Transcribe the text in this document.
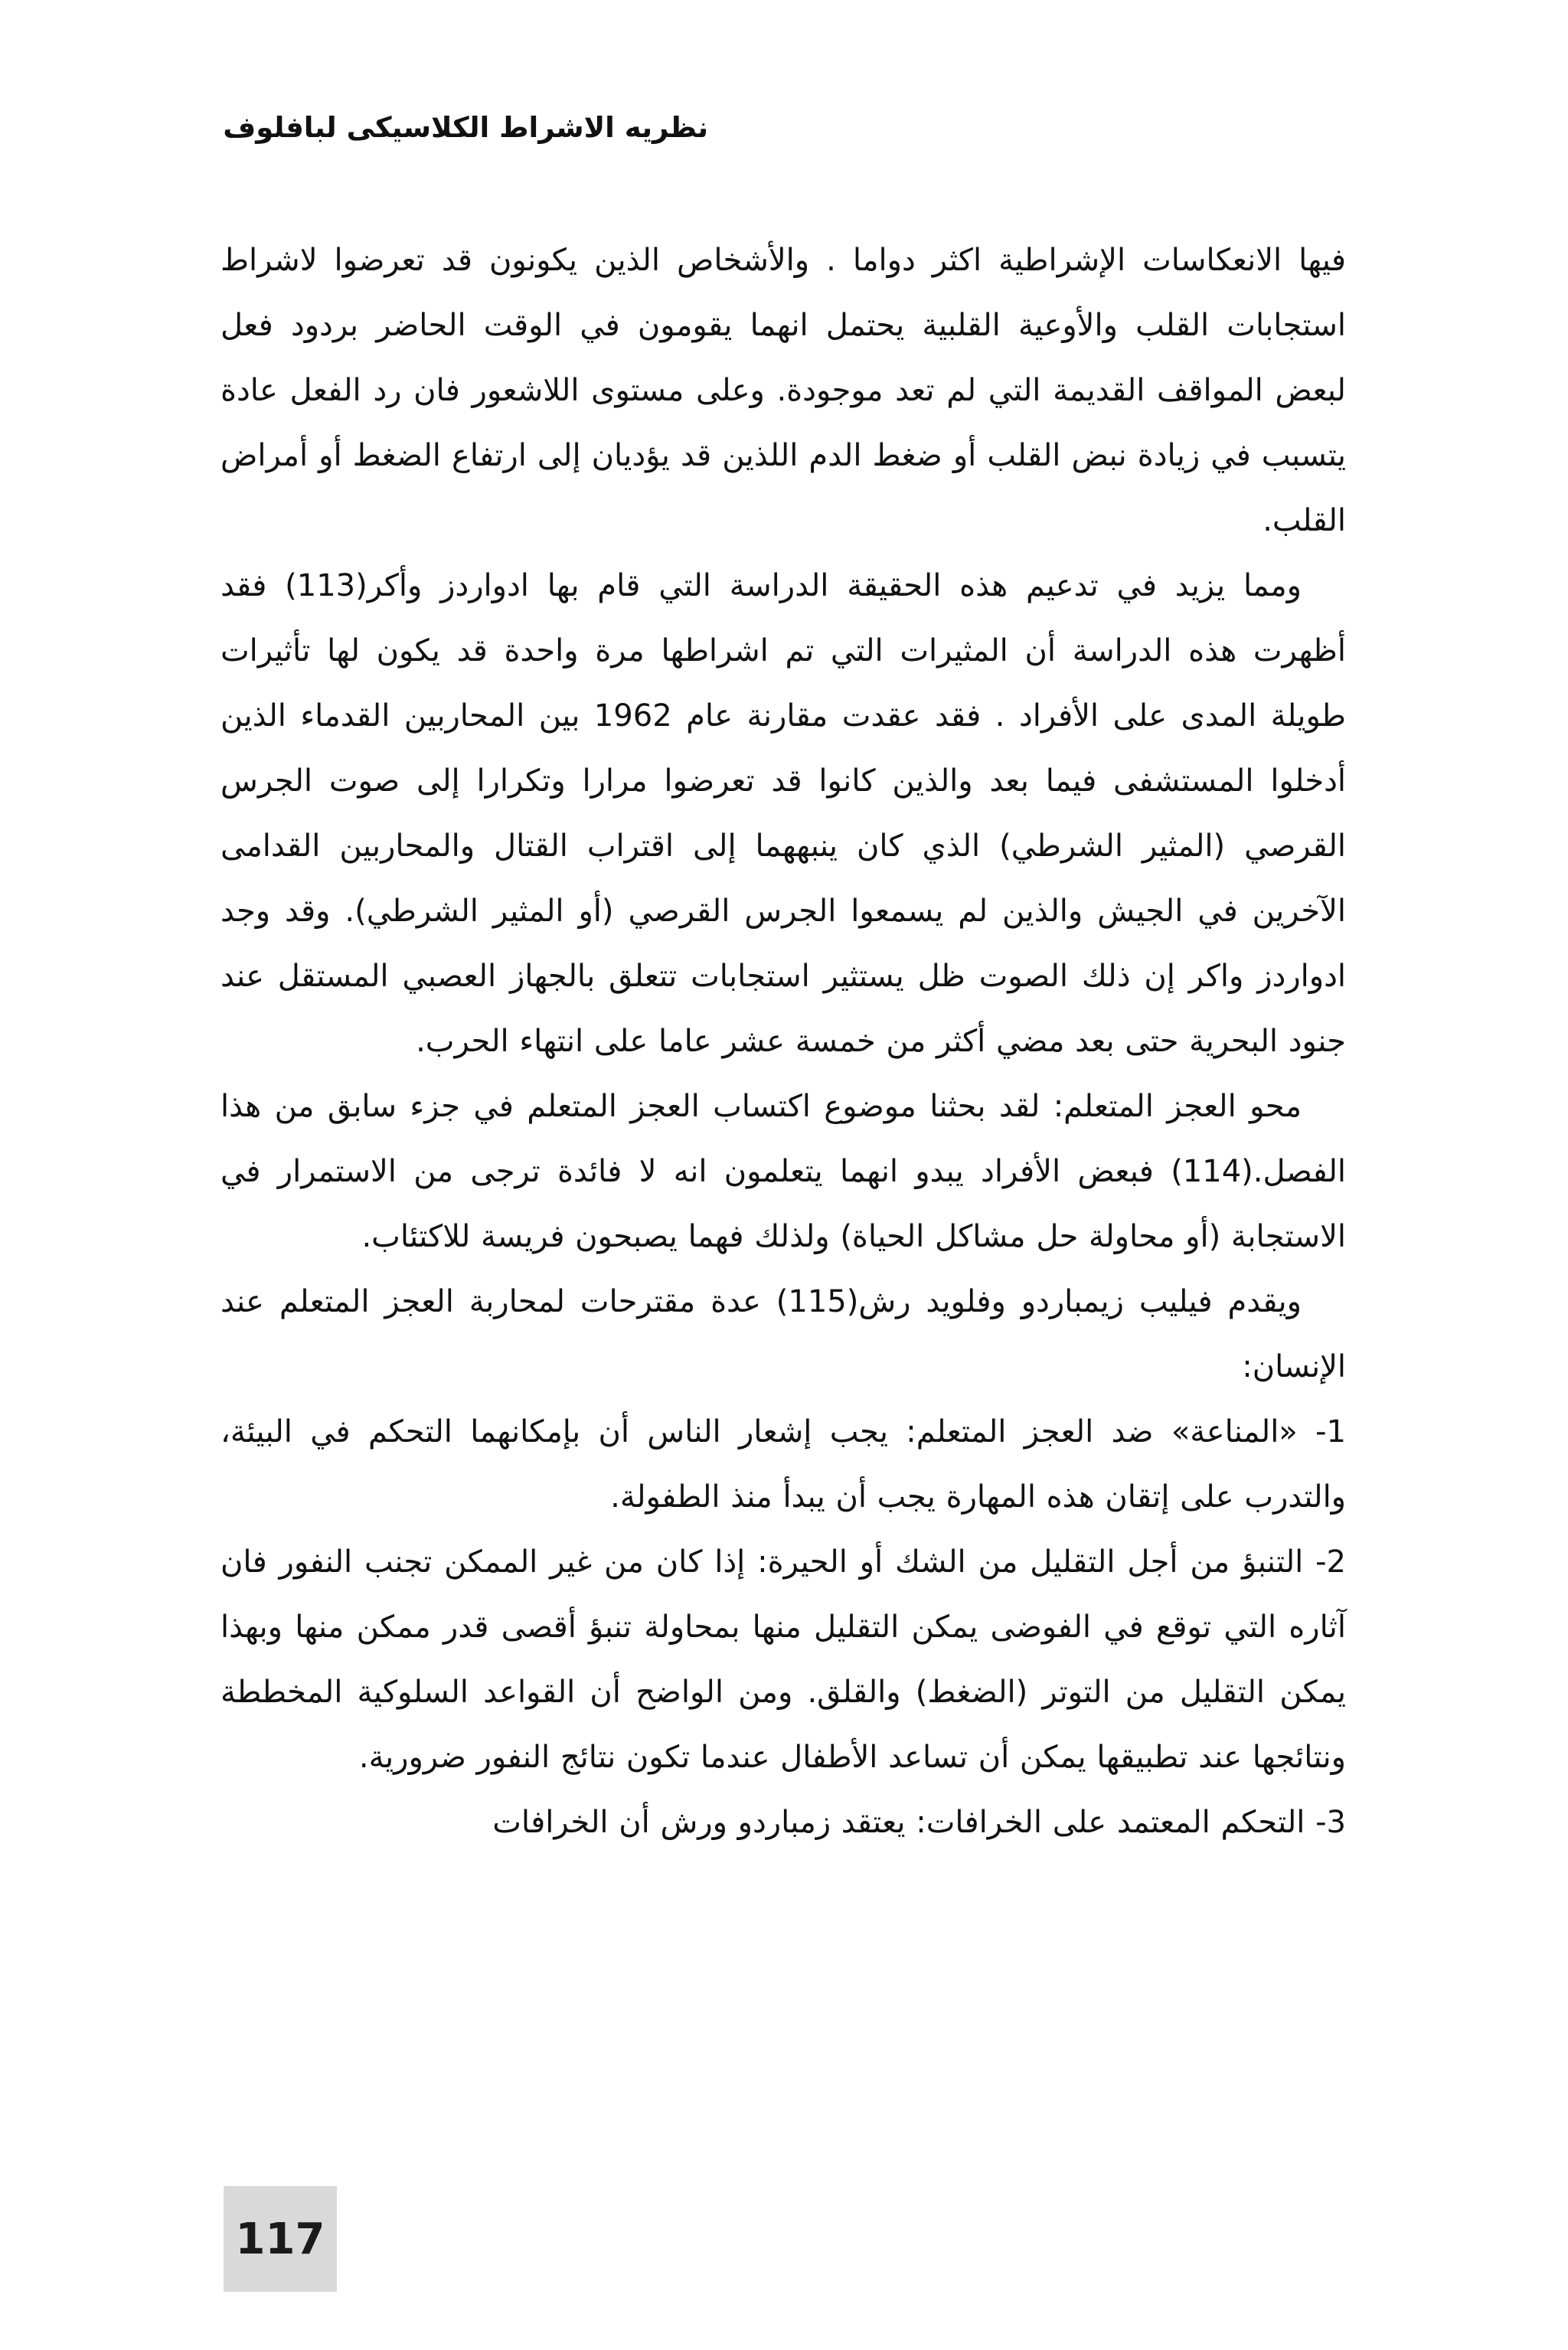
نظريه الاشراط الكلاسيكى لبافلوف

فيها الانعكاسات الإشراطية اكثر دواما . والأشخاص الذين يكونون قد تعرضوا لاشراط استجابات القلب والأوعية القلبية يحتمل انهما يقومون في الوقت الحاضر بردود فعل لبعض المواقف القديمة التي لم تعد موجودة. وعلى مستوى اللاشعور فان رد الفعل عادة يتسبب في زيادة نبض القلب أو ضغط الدم اللذين قد يؤديان إلى ارتفاع الضغط أو أمراض القلب.

ومما يزيد في تدعيم هذه الحقيقة الدراسة التي قام بها ادواردز وأكر(113) فقد أظهرت هذه الدراسة أن المثيرات التي تم اشراطها مرة واحدة قد يكون لها تأثيرات طويلة المدى على الأفراد . فقد عقدت مقارنة عام 1962 بين المحاربين القدماء الذين أدخلوا المستشفى فيما بعد والذين كانوا قد تعرضوا مرارا وتكرارا إلى صوت الجرس القرصي (المثير الشرطي) الذي كان ينبههما إلى اقتراب القتال والمحاربين القدامى الآخرين في الجيش والذين لم يسمعوا الجرس القرصي (أو المثير الشرطي). وقد وجد ادواردز واكر إن ذلك الصوت ظل يستثير استجابات تتعلق بالجهاز العصبي المستقل عند جنود البحرية حتى بعد مضي أكثر من خمسة عشر عاما على انتهاء الحرب.

محو العجز المتعلم: لقد بحثنا موضوع اكتساب العجز المتعلم في جزء سابق من هذا الفصل.(114) فبعض الأفراد يبدو انهما يتعلمون انه لا فائدة ترجى من الاستمرار في الاستجابة (أو محاولة حل مشاكل الحياة) ولذلك فهما يصبحون فريسة للاكتئاب.

ويقدم فيليب زيمباردو وفلويد رش(115) عدة مقترحات لمحاربة العجز المتعلم عند الإنسان:

1- «المناعة» ضد العجز المتعلم: يجب إشعار الناس أن بإمكانهما التحكم في البيئة، والتدرب على إتقان هذه المهارة يجب أن يبدأ منذ الطفولة.

2- التنبؤ من أجل التقليل من الشك أو الحيرة: إذا كان من غير الممكن تجنب النفور فان آثاره التي توقع في الفوضى يمكن التقليل منها بمحاولة تنبؤ أقصى قدر ممكن منها وبهذا يمكن التقليل من التوتر (الضغط) والقلق. ومن الواضح أن القواعد السلوكية المخططة ونتائجها عند تطبيقها يمكن أن تساعد الأطفال عندما تكون نتائج النفور ضرورية.

3- التحكم المعتمد على الخرافات: يعتقد زمباردو ورش أن الخرافات

117
